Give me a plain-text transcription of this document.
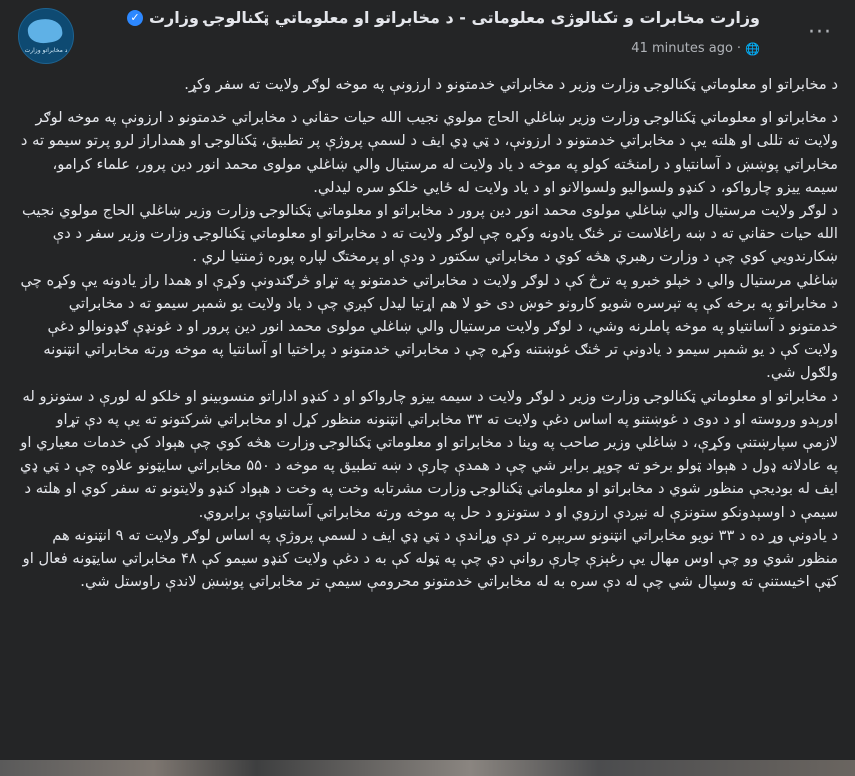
د مخابراتو وزارت
···
وزارت مخابرات و تکنالوژی معلوماتی - د مخابراتو او معلوماتي ټکنالوجۍ وزارت
✓
41 minutes ago · 🌐

د مخابراتو او معلوماتي ټکنالوجۍ وزارت وزیر د مخابراتي خدمتونو د ارزونې په موخه لوګر ولایت ته سفر وکړ.

د مخابراتو او معلوماتي ټکنالوجۍ وزارت وزیر ښاغلي الحاج مولوي نجیب الله حیات حقاني د مخابراتي خدمتونو د ارزونې په موخه لوګر ولایت ته تللی او هلته یې د مخابراتي خدمتونو د ارزونې، د ټي ډي ایف د لسمې پروژې پر تطبیق، ټکنالوجۍ او همداراز لرو پرتو سیمو ته د مخابراتي پوښښ د آسانتیاو د رامنځته کولو په موخه د یاد ولایت له مرستیال والي ښاغلي مولوی محمد انور دین پرور، علماء کرامو، سیمه ییزو چارواکو، د کنډو ولسوالیو ولسوالانو او د یاد ولایت له ځایي خلکو سره لیدلي.

د لوګر ولایت مرستیال والي ښاغلي مولوی محمد انور دین پرور د مخابراتو او معلوماتي ټکنالوجۍ وزارت وزیر ښاغلي الحاج مولوي نجیب الله حیات حقاني ته د ښه راغلاست تر څنګ یادونه وکړه چې لوګر ولایت ته د مخابراتو او معلوماتي ټکنالوجۍ وزارت وزیر سفر د دې ښکارندويي کوي چې د وزارت رهبري هڅه کوي د مخابراتي سکتور د ودې او پرمختګ لپاره پوره ژمنتیا لري .

ښاغلي مرستیال والي د خپلو خبرو په ترڅ کې د لوګر ولایت د مخابراتي خدمتونو په تړاو څرګندونې وکړې او همدا راز یادونه یې وکړه چې د مخابراتو په برخه کې په تېرسره شویو کارونو خوښ دی خو لا هم اړتیا لیدل کېږي چې د یاد ولایت یو شمېر سیمو ته د مخابراتي خدمتونو د آسانتیاو په موخه پاملرنه وشي، د لوګر ولایت مرستیال والي ښاغلي مولوی محمد انور دین پرور او د غونډې ګډونوالو دغې ولایت کې د یو شمېر سیمو د یادونې تر څنګ غوښتنه وکړه چې د مخابراتي خدمتونو د پراختیا او آسانتیا په موخه ورته مخابراتي انټنونه ولګول شي.

د مخابراتو او معلوماتي ټکنالوجۍ وزارت وزیر د لوګر ولایت د سیمه ییزو چارواکو او د کنډو اداراتو منسوبینو او خلکو له لورې د ستونزو له اورېدو وروسته او د دوی د غوښتنو په اساس دغې ولایت ته ۳۳ مخابراتي انټنونه منظور کړل او مخابراتي شرکتونو ته یې په دې تړاو لازمې سپارښتنې وکړې، د ښاغلي وزیر صاحب په وینا د مخابراتو او معلوماتي ټکنالوجۍ وزارت هڅه کوي چې هېواد کې خدمات معیاري او په عادلانه ډول د هېواد ټولو برخو ته چوپړ برابر شي چې د همدې چارې د ښه تطبیق په موخه د ۵۵۰ مخابراتي سایټونو علاوه چې د ټي ډي ایف له بودیجې منظور شوي د مخابراتو او معلوماتي ټکنالوجۍ وزارت مشرتابه وخت په وخت د هېواد کنډو ولایتونو ته سفر کوي او هلته د سیمې د اوسېدونکو ستونزې له نیږدې ارزوي او د ستونزو د حل په موخه ورته مخابراتي آسانتیاوې برابروي.

د یادونې وړ ده د ۳۳ نویو مخابراتي انټنونو سربېره تر دې وړاندې د ټي ډي ایف د لسمې پروژې په اساس لوګر ولایت ته ۹ انټنونه هم منظور شوي وو چې اوس مهال یې رغېزې چارې روانې دي چې په ټوله کې به د دغې ولایت کنډو سیمو کې ۴۸ مخابراتي سایټونه فعال او کټې اخیستنې ته وسپال شي چې له دې سره به له مخابراتي خدمتونو محرومې سیمې تر مخابراتي پوښښ لاندې راوستل شي.
